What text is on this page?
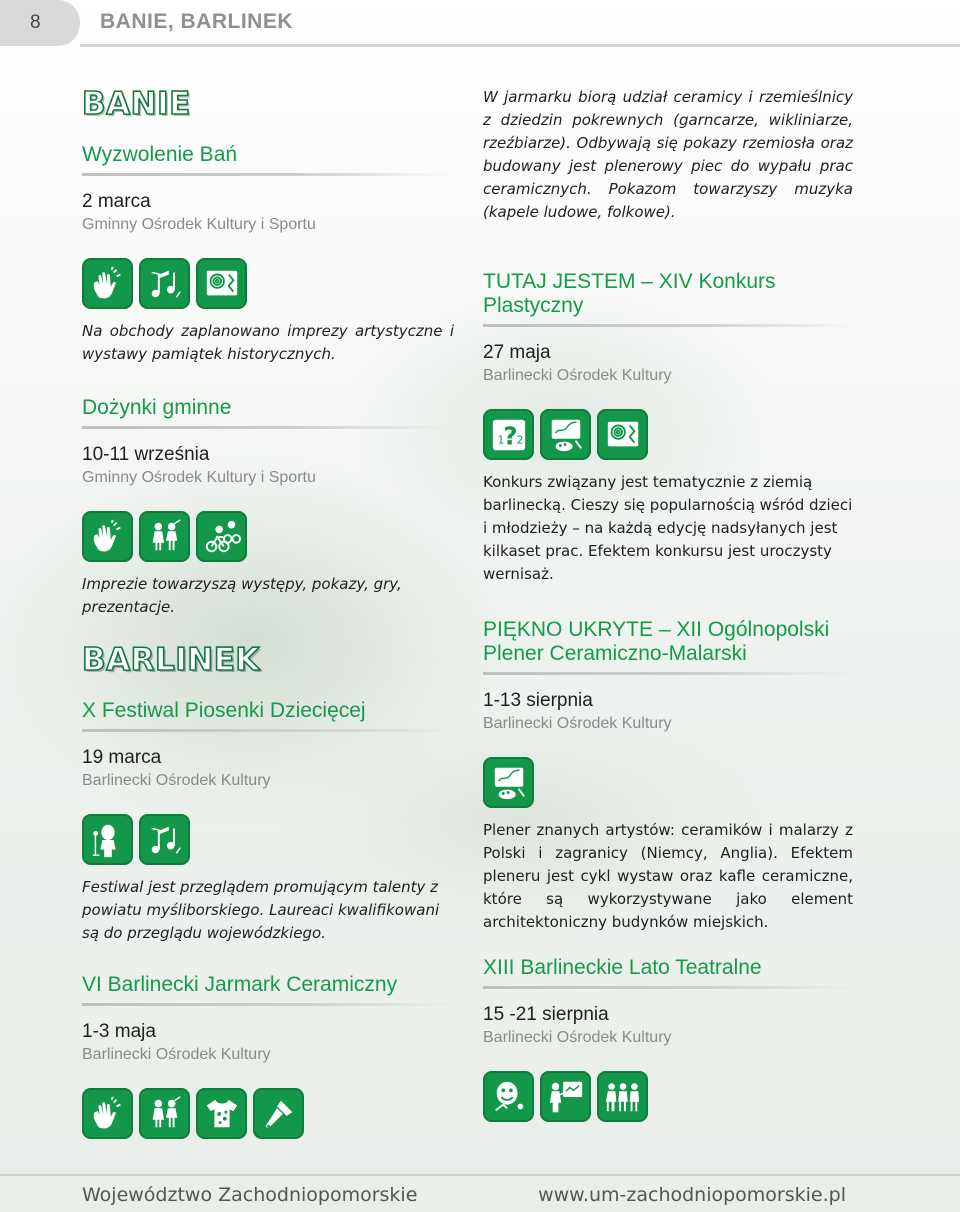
8	BANIE, BARLINEK
BANIE
Wyzwolenie Bań
2 marca
Gminny Ośrodek Kultury i Sportu
Na obchody zaplanowano imprezy artystyczne i wystawy pamiątek historycznych.
Dożynki gminne
10-11 września
Gminny Ośrodek Kultury i Sportu
Imprezie towarzyszą występy, pokazy, gry, prezentacje.
BARLINEK
X Festiwal Piosenki Dziecięcej
19 marca
Barlinecki Ośrodek Kultury
Festiwal jest przeglądem promującym talenty z powiatu myśliborskiego. Laureaci kwalifikowani są do przeglądu wojewódzkiego.
VI Barlinecki Jarmark Ceramiczny
1-3 maja
Barlinecki Ośrodek Kultury
W jarmarku biorą udział ceramicy i rzemieślnicy z dziedzin pokrewnych (garncarze, wikliniarze, rzeźbiarze). Odbywają się pokazy rzemiosła oraz budowany jest plenerowy piec do wypału prac ceramicznych. Pokazom towarzyszy muzyka (kapele ludowe, folkowe).
TUTAJ JESTEM – XIV Konkurs Plastyczny
27 maja
Barlinecki Ośrodek Kultury
1 ?
2
Konkurs związany jest tematycznie z ziemią barlinecką. Cieszy się popularnością wśród dzieci i młodzieży – na każdą edycję nadsyłanych jest kilkaset prac. Efektem konkursu jest uroczysty wernisaż.
PIĘKNO UKRYTE – XII Ogólnopolski Plener Ceramiczno-Malarski
1-13 sierpnia
Barlinecki Ośrodek Kultury
Plener znanych artystów: ceramików i malarzy z Polski i zagranicy (Niemcy, Anglia). Efektem pleneru jest cykl wystaw oraz kafle ceramiczne, które są wykorzystywane jako element architektoniczny budynków miejskich.
XIII Barlineckie Lato Teatralne
15 -21 sierpnia
Barlinecki Ośrodek Kultury
Województwo Zachodniopomorskie	www.um-zachodniopomorskie.pl
